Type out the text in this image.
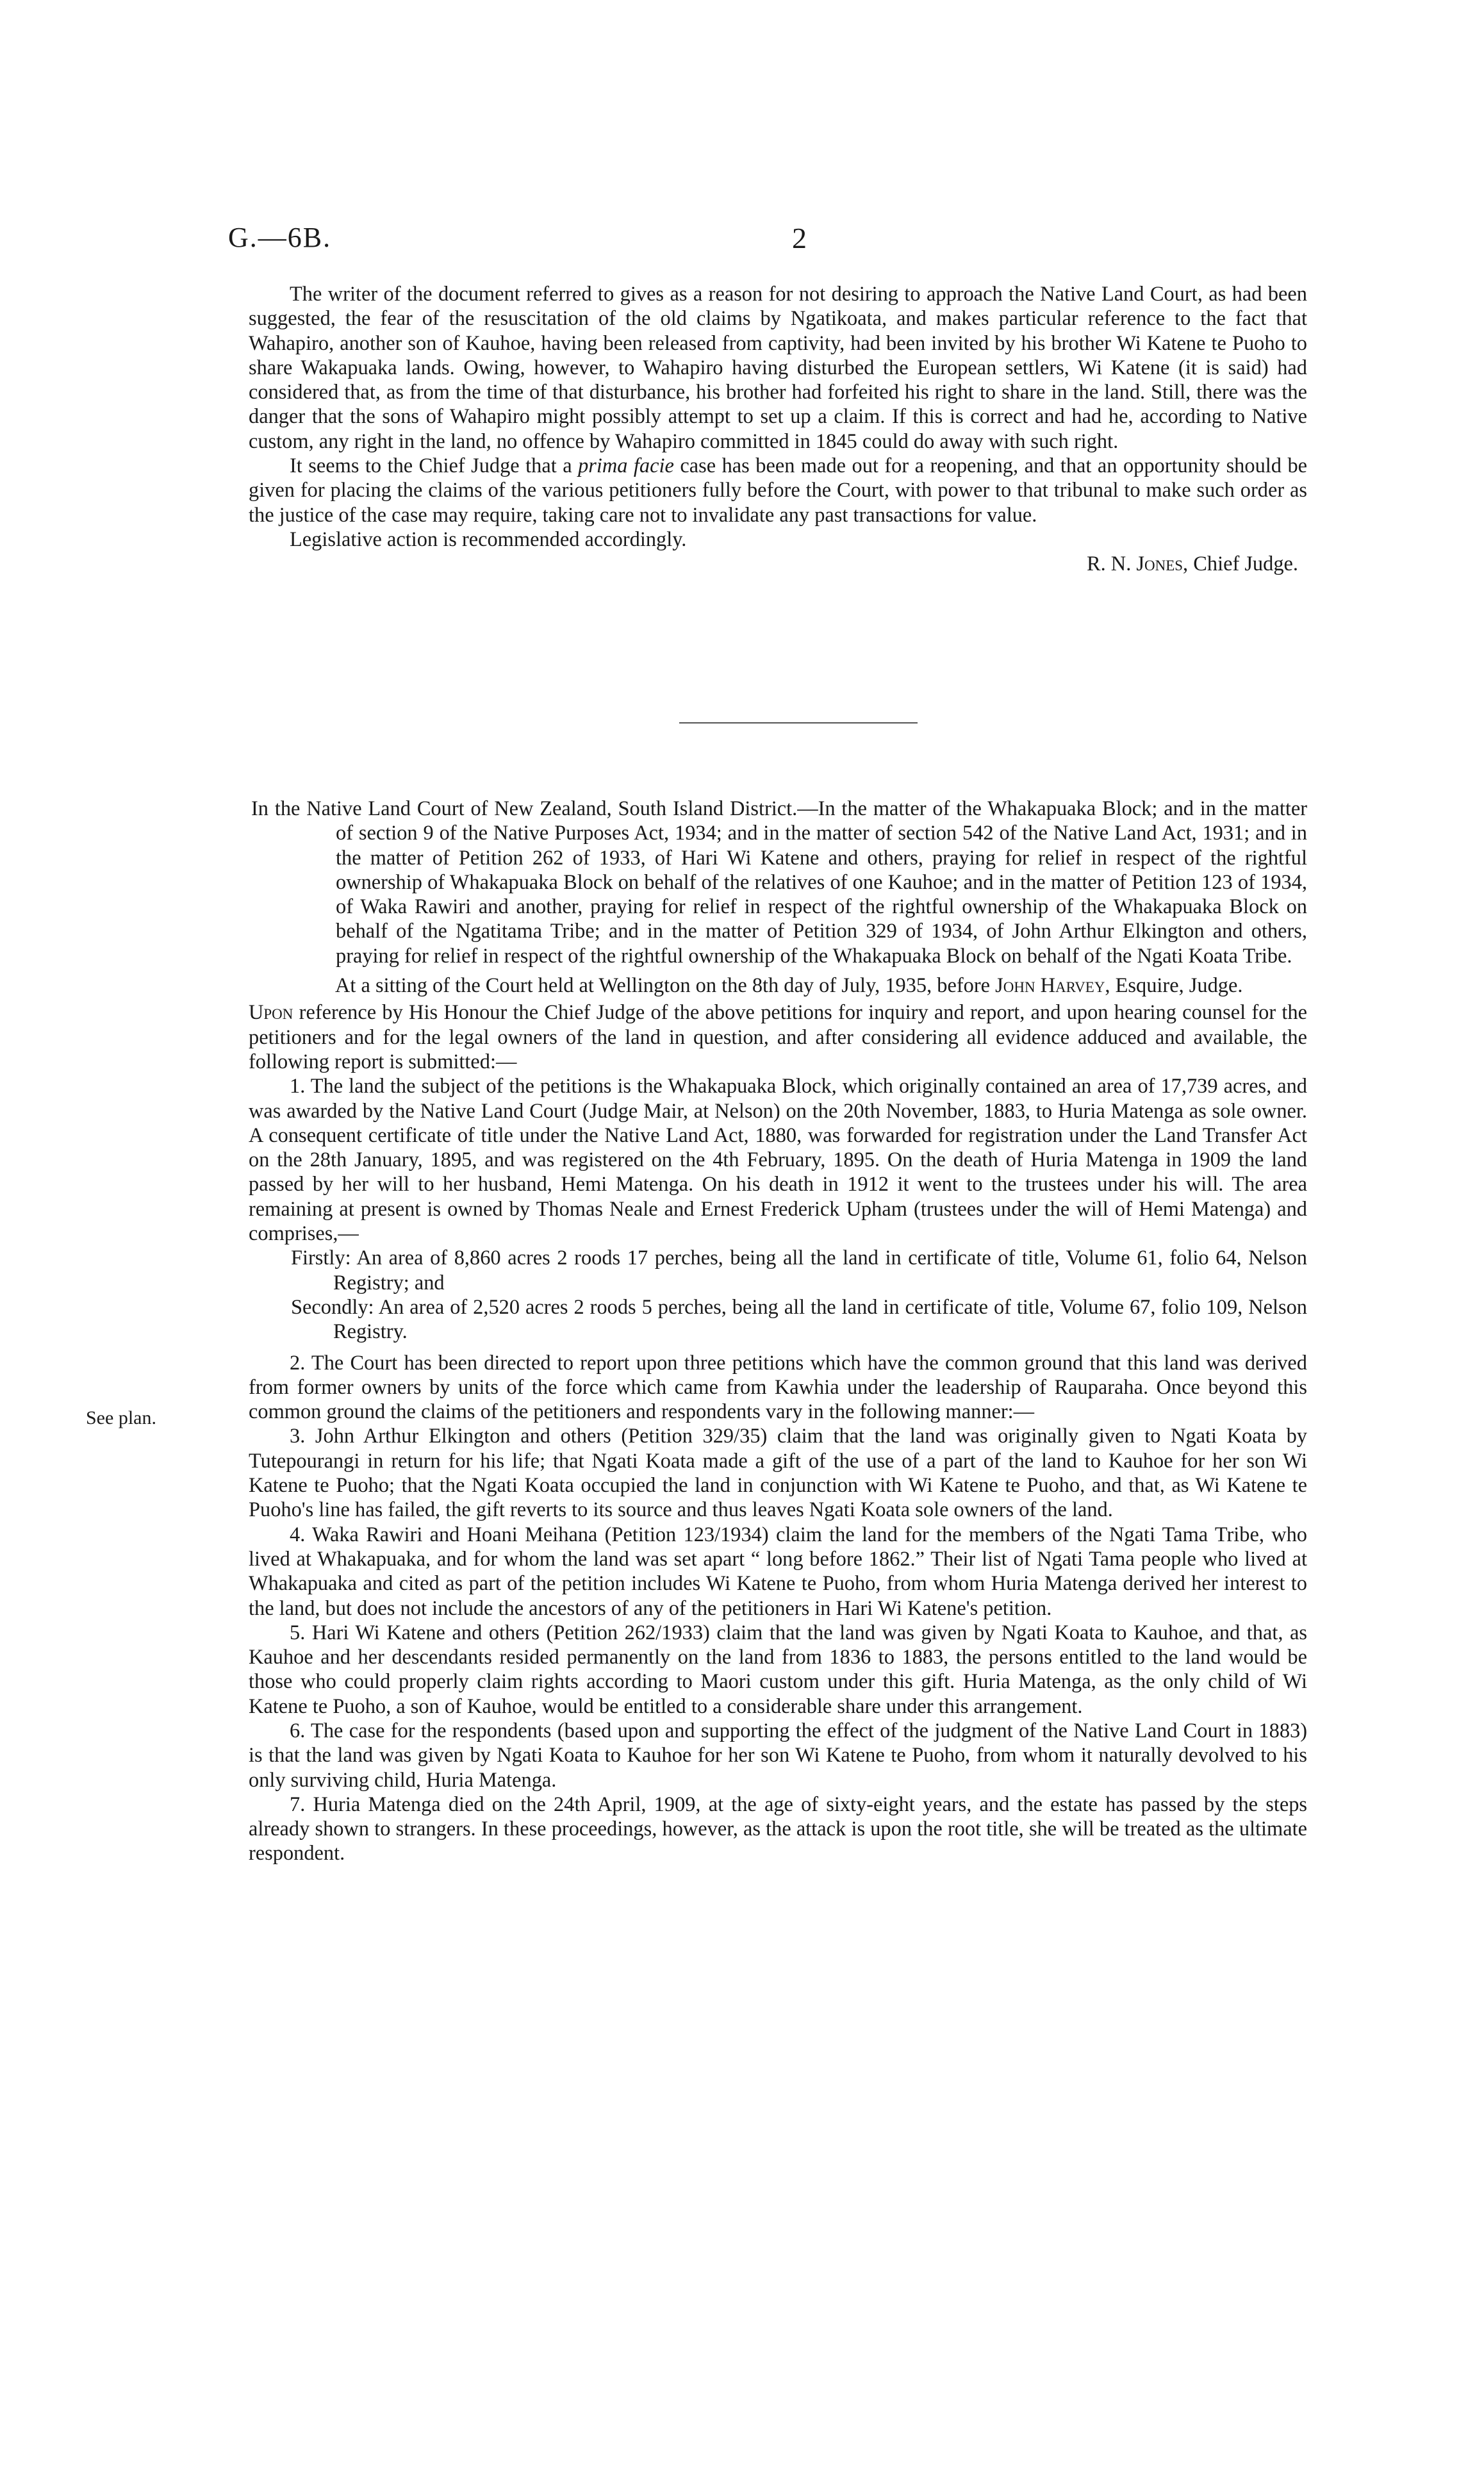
G.—6B.	2

The writer of the document referred to gives as a reason for not desiring to approach the Native Land Court, as had been suggested, the fear of the resuscitation of the old claims by Ngatikoata, and makes particular reference to the fact that Wahapiro, another son of Kauhoe, having been released from captivity, had been invited by his brother Wi Katene te Puoho to share Wakapuaka lands. Owing, however, to Wahapiro having disturbed the European settlers, Wi Katene (it is said) had considered that, as from the time of that disturbance, his brother had forfeited his right to share in the land. Still, there was the danger that the sons of Wahapiro might possibly attempt to set up a claim. If this is correct and had he, according to Native custom, any right in the land, no offence by Wahapiro committed in 1845 could do away with such right.

It seems to the Chief Judge that a prima facie case has been made out for a reopening, and that an opportunity should be given for placing the claims of the various petitioners fully before the Court, with power to that tribunal to make such order as the justice of the case may require, taking care not to invalidate any past transactions for value.

Legislative action is recommended accordingly.

R. N. Jones, Chief Judge.

In the Native Land Court of New Zealand, South Island District.—In the matter of the Whakapuaka Block; and in the matter of section 9 of the Native Purposes Act, 1934; and in the matter of section 542 of the Native Land Act, 1931; and in the matter of Petition 262 of 1933, of Hari Wi Katene and others, praying for relief in respect of the rightful ownership of Whakapuaka Block on behalf of the relatives of one Kauhoe; and in the matter of Petition 123 of 1934, of Waka Rawiri and another, praying for relief in respect of the rightful ownership of the Whakapuaka Block on behalf of the Ngatitama Tribe; and in the matter of Petition 329 of 1934, of John Arthur Elkington and others, praying for relief in respect of the rightful ownership of the Whakapuaka Block on behalf of the Ngati Koata Tribe.

At a sitting of the Court held at Wellington on the 8th day of July, 1935, before John Harvey, Esquire, Judge.

Upon reference by His Honour the Chief Judge of the above petitions for inquiry and report, and upon hearing counsel for the petitioners and for the legal owners of the land in question, and after considering all evidence adduced and available, the following report is submitted:—

1. The land the subject of the petitions is the Whakapuaka Block, which originally contained an area of 17,739 acres, and was awarded by the Native Land Court (Judge Mair, at Nelson) on the 20th November, 1883, to Huria Matenga as sole owner. A consequent certificate of title under the Native Land Act, 1880, was forwarded for registration under the Land Transfer Act on the 28th January, 1895, and was registered on the 4th February, 1895. On the death of Huria Matenga in 1909 the land passed by her will to her husband, Hemi Matenga. On his death in 1912 it went to the trustees under his will. The area remaining at present is owned by Thomas Neale and Ernest Frederick Upham (trustees under the will of Hemi Matenga) and comprises,—

Firstly: An area of 8,860 acres 2 roods 17 perches, being all the land in certificate of title, Volume 61, folio 64, Nelson Registry; and

Secondly: An area of 2,520 acres 2 roods 5 perches, being all the land in certificate of title, Volume 67, folio 109, Nelson Registry.

2. The Court has been directed to report upon three petitions which have the common ground that this land was derived from former owners by units of the force which came from Kawhia under the leadership of Rauparaha. Once beyond this common ground the claims of the petitioners and respondents vary in the following manner:—

3. John Arthur Elkington and others (Petition 329/35) claim that the land was originally given to Ngati Koata by Tutepourangi in return for his life; that Ngati Koata made a gift of the use of a part of the land to Kauhoe for her son Wi Katene te Puoho; that the Ngati Koata occupied the land in conjunction with Wi Katene te Puoho, and that, as Wi Katene te Puoho's line has failed, the gift reverts to its source and thus leaves Ngati Koata sole owners of the land.

4. Waka Rawiri and Hoani Meihana (Petition 123/1934) claim the land for the members of the Ngati Tama Tribe, who lived at Whakapuaka, and for whom the land was set apart “ long before 1862.” Their list of Ngati Tama people who lived at Whakapuaka and cited as part of the petition includes Wi Katene te Puoho, from whom Huria Matenga derived her interest to the land, but does not include the ancestors of any of the petitioners in Hari Wi Katene's petition.

5. Hari Wi Katene and others (Petition 262/1933) claim that the land was given by Ngati Koata to Kauhoe, and that, as Kauhoe and her descendants resided permanently on the land from 1836 to 1883, the persons entitled to the land would be those who could properly claim rights according to Maori custom under this gift. Huria Matenga, as the only child of Wi Katene te Puoho, a son of Kauhoe, would be entitled to a considerable share under this arrangement.

6. The case for the respondents (based upon and supporting the effect of the judgment of the Native Land Court in 1883) is that the land was given by Ngati Koata to Kauhoe for her son Wi Katene te Puoho, from whom it naturally devolved to his only surviving child, Huria Matenga.

7. Huria Matenga died on the 24th April, 1909, at the age of sixty-eight years, and the estate has passed by the steps already shown to strangers. In these proceedings, however, as the attack is upon the root title, she will be treated as the ultimate respondent.

See plan.
